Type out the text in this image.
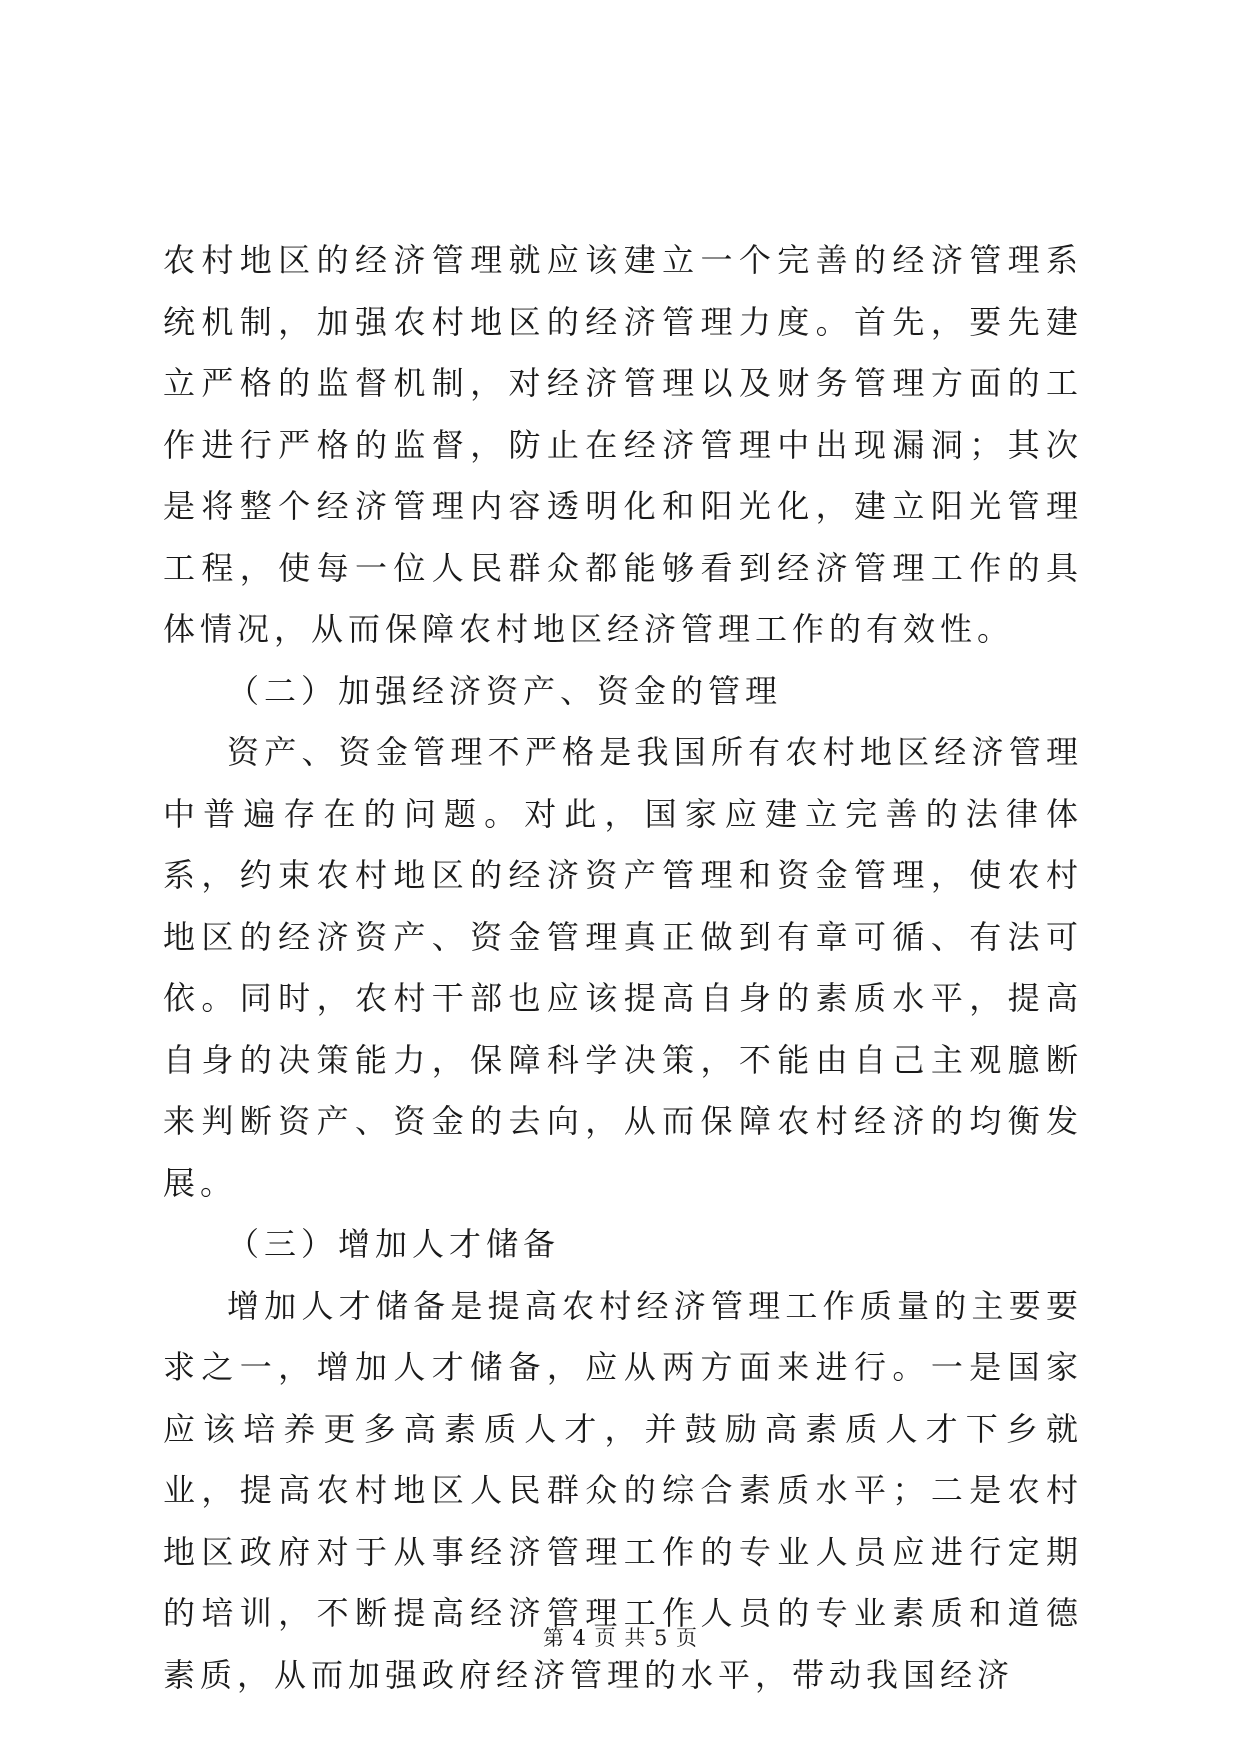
农村地区的经济管理就应该建立一个完善的经济管理系统机制，加强农村地区的经济管理力度。首先，要先建立严格的监督机制，对经济管理以及财务管理方面的工作进行严格的监督，防止在经济管理中出现漏洞；其次是将整个经济管理内容透明化和阳光化，建立阳光管理工程，使每一位人民群众都能够看到经济管理工作的具体情况，从而保障农村地区经济管理工作的有效性。

（二）加强经济资产、资金的管理

资产、资金管理不严格是我国所有农村地区经济管理中普遍存在的问题。对此，国家应建立完善的法律体系，约束农村地区的经济资产管理和资金管理，使农村地区的经济资产、资金管理真正做到有章可循、有法可依。同时，农村干部也应该提高自身的素质水平，提高自身的决策能力，保障科学决策，不能由自己主观臆断来判断资产、资金的去向，从而保障农村经济的均衡发展。

（三）增加人才储备

增加人才储备是提高农村经济管理工作质量的主要要求之一，增加人才储备，应从两方面来进行。一是国家应该培养更多高素质人才，并鼓励高素质人才下乡就业，提高农村地区人民群众的综合素质水平；二是农村地区政府对于从事经济管理工作的专业人员应进行定期的培训，不断提高经济管理工作人员的专业素质和道德素质，从而加强政府经济管理的水平，带动我国经济

第 4 页 共 5 页
